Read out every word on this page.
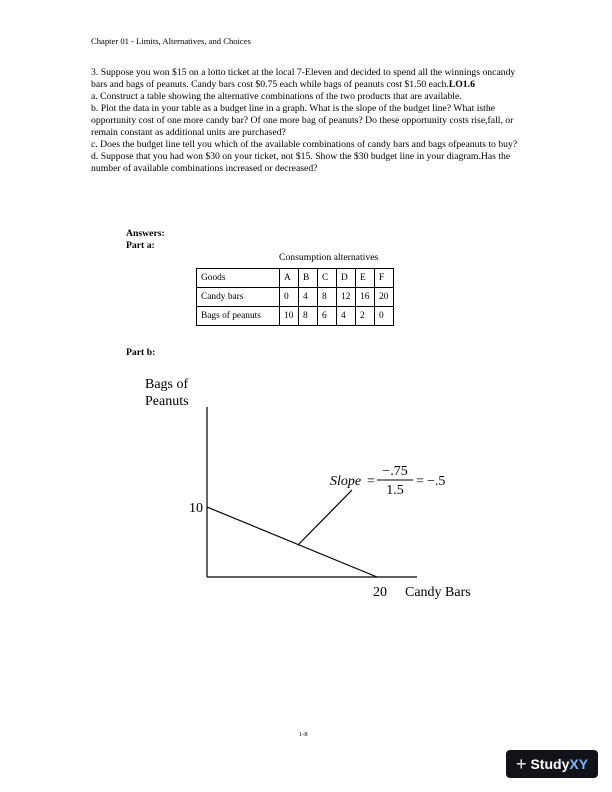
Chapter 01 - Limits, Alternatives, and Choices

3. Suppose you won $15 on a lotto ticket at the local 7-Eleven and decided to spend all the winnings oncandy bars and bags of peanuts. Candy bars cost $0.75 each while bags of peanuts cost $1.50 each.LO1.6

a. Construct a table showing the alternative combinations of the two products that are available.

b. Plot the data in your table as a budget line in a graph. What is the slope of the budget line? What isthe opportunity cost of one more candy bar? Of one more bag of peanuts? Do these opportunity costs rise,fall, or remain constant as additional units are purchased?

c. Does the budget line tell you which of the available combinations of candy bars and bags ofpeanuts to buy?

d. Suppose that you had won $30 on your ticket, not $15. Show the $30 budget line in your diagram.Has the number of available combinations increased or decreased?

Answers:
Part a:
Consumption alternatives
Goods	A	B	C	D	E	F
Candy bars	0	4	8	12	16	20
Bags of peanuts	10	8	6	4	2	0
Part b:
Bags of
Peanuts
10
20 Candy Bars
Slope =
−.75
1.5
= −.5
1-8
+ StudyXY
